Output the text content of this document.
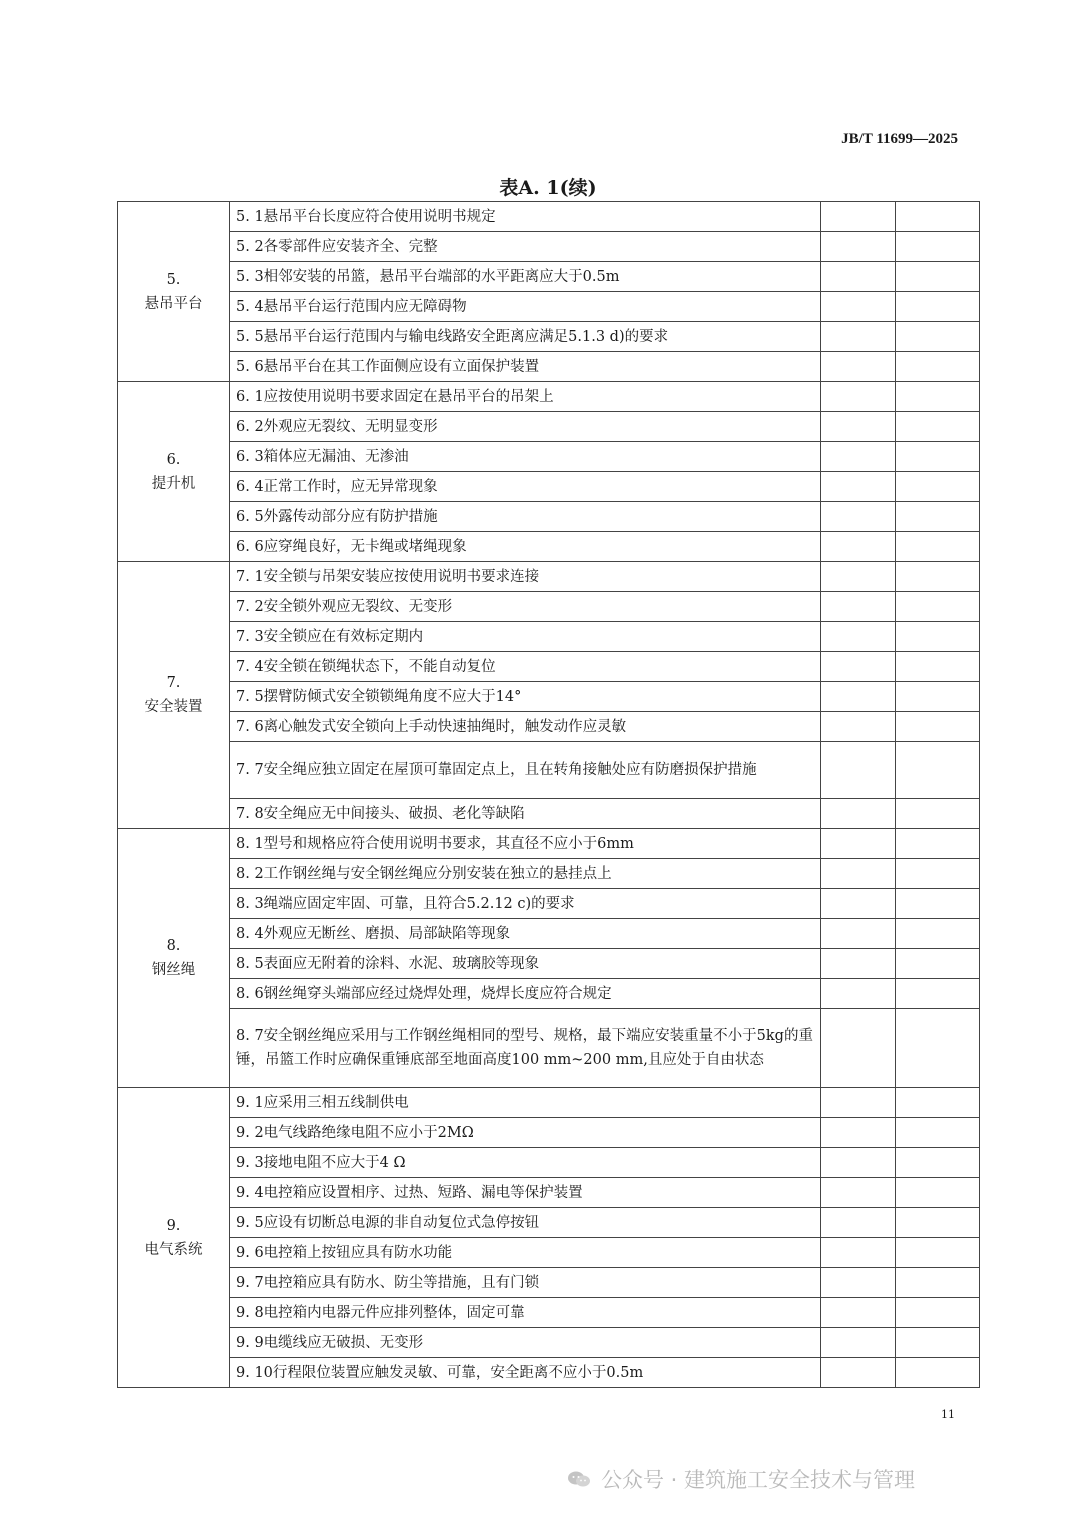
JB/T 11699—2025
表A. 1(续)
5.
悬吊平台	5. 1悬吊平台长度应符合使用说明书规定		
	5. 2各零部件应安装齐全、完整		
	5. 3相邻安装的吊篮，悬吊平台端部的水平距离应大于0.5m		
	5. 4悬吊平台运行范围内应无障碍物		
	5. 5悬吊平台运行范围内与输电线路安全距离应满足5.1.3 d)的要求		
	5. 6悬吊平台在其工作面侧应设有立面保护装置		

6.
提升机	6. 1应按使用说明书要求固定在悬吊平台的吊架上		
	6. 2外观应无裂纹、无明显变形		
	6. 3箱体应无漏油、无渗油		
	6. 4正常工作时，应无异常现象		
	6. 5外露传动部分应有防护措施		
	6. 6应穿绳良好，无卡绳或堵绳现象		

7.
安全装置	7. 1安全锁与吊架安装应按使用说明书要求连接		
	7. 2安全锁外观应无裂纹、无变形		
	7. 3安全锁应在有效标定期内		
	7. 4安全锁在锁绳状态下，不能自动复位		
	7. 5摆臂防倾式安全锁锁绳角度不应大于14°		
	7. 6离心触发式安全锁向上手动快速抽绳时，触发动作应灵敏		
	7. 7安全绳应独立固定在屋顶可靠固定点上，且在转角接触处应有防磨损保护措施		
	7. 8安全绳应无中间接头、破损、老化等缺陷		

8.
钢丝绳	8. 1型号和规格应符合使用说明书要求，其直径不应小于6mm		
	8. 2工作钢丝绳与安全钢丝绳应分别安装在独立的悬挂点上		
	8. 3绳端应固定牢固、可靠，且符合5.2.12 c)的要求		
	8. 4外观应无断丝、磨损、局部缺陷等现象		
	8. 5表面应无附着的涂料、水泥、玻璃胶等现象		
	8. 6钢丝绳穿头端部应经过烧焊处理，烧焊长度应符合规定		
	8. 7安全钢丝绳应采用与工作钢丝绳相同的型号、规格，最下端应安装重量不小于5kg的重锤，吊篮工作时应确保重锤底部至地面高度100 mm~200 mm,且应处于自由状态		

9.
电气系统	9. 1应采用三相五线制供电		
	9. 2电气线路绝缘电阻不应小于2MΩ		
	9. 3接地电阻不应大于4 Ω		
	9. 4电控箱应设置相序、过热、短路、漏电等保护装置		
	9. 5应设有切断总电源的非自动复位式急停按钮		
	9. 6电控箱上按钮应具有防水功能		
	9. 7电控箱应具有防水、防尘等措施，且有门锁		
	9. 8电控箱内电器元件应排列整体，固定可靠		
	9. 9电缆线应无破损、无变形		
	9. 10行程限位装置应触发灵敏、可靠，安全距离不应小于0.5m		
11
公众号 · 建筑施工安全技术与管理
